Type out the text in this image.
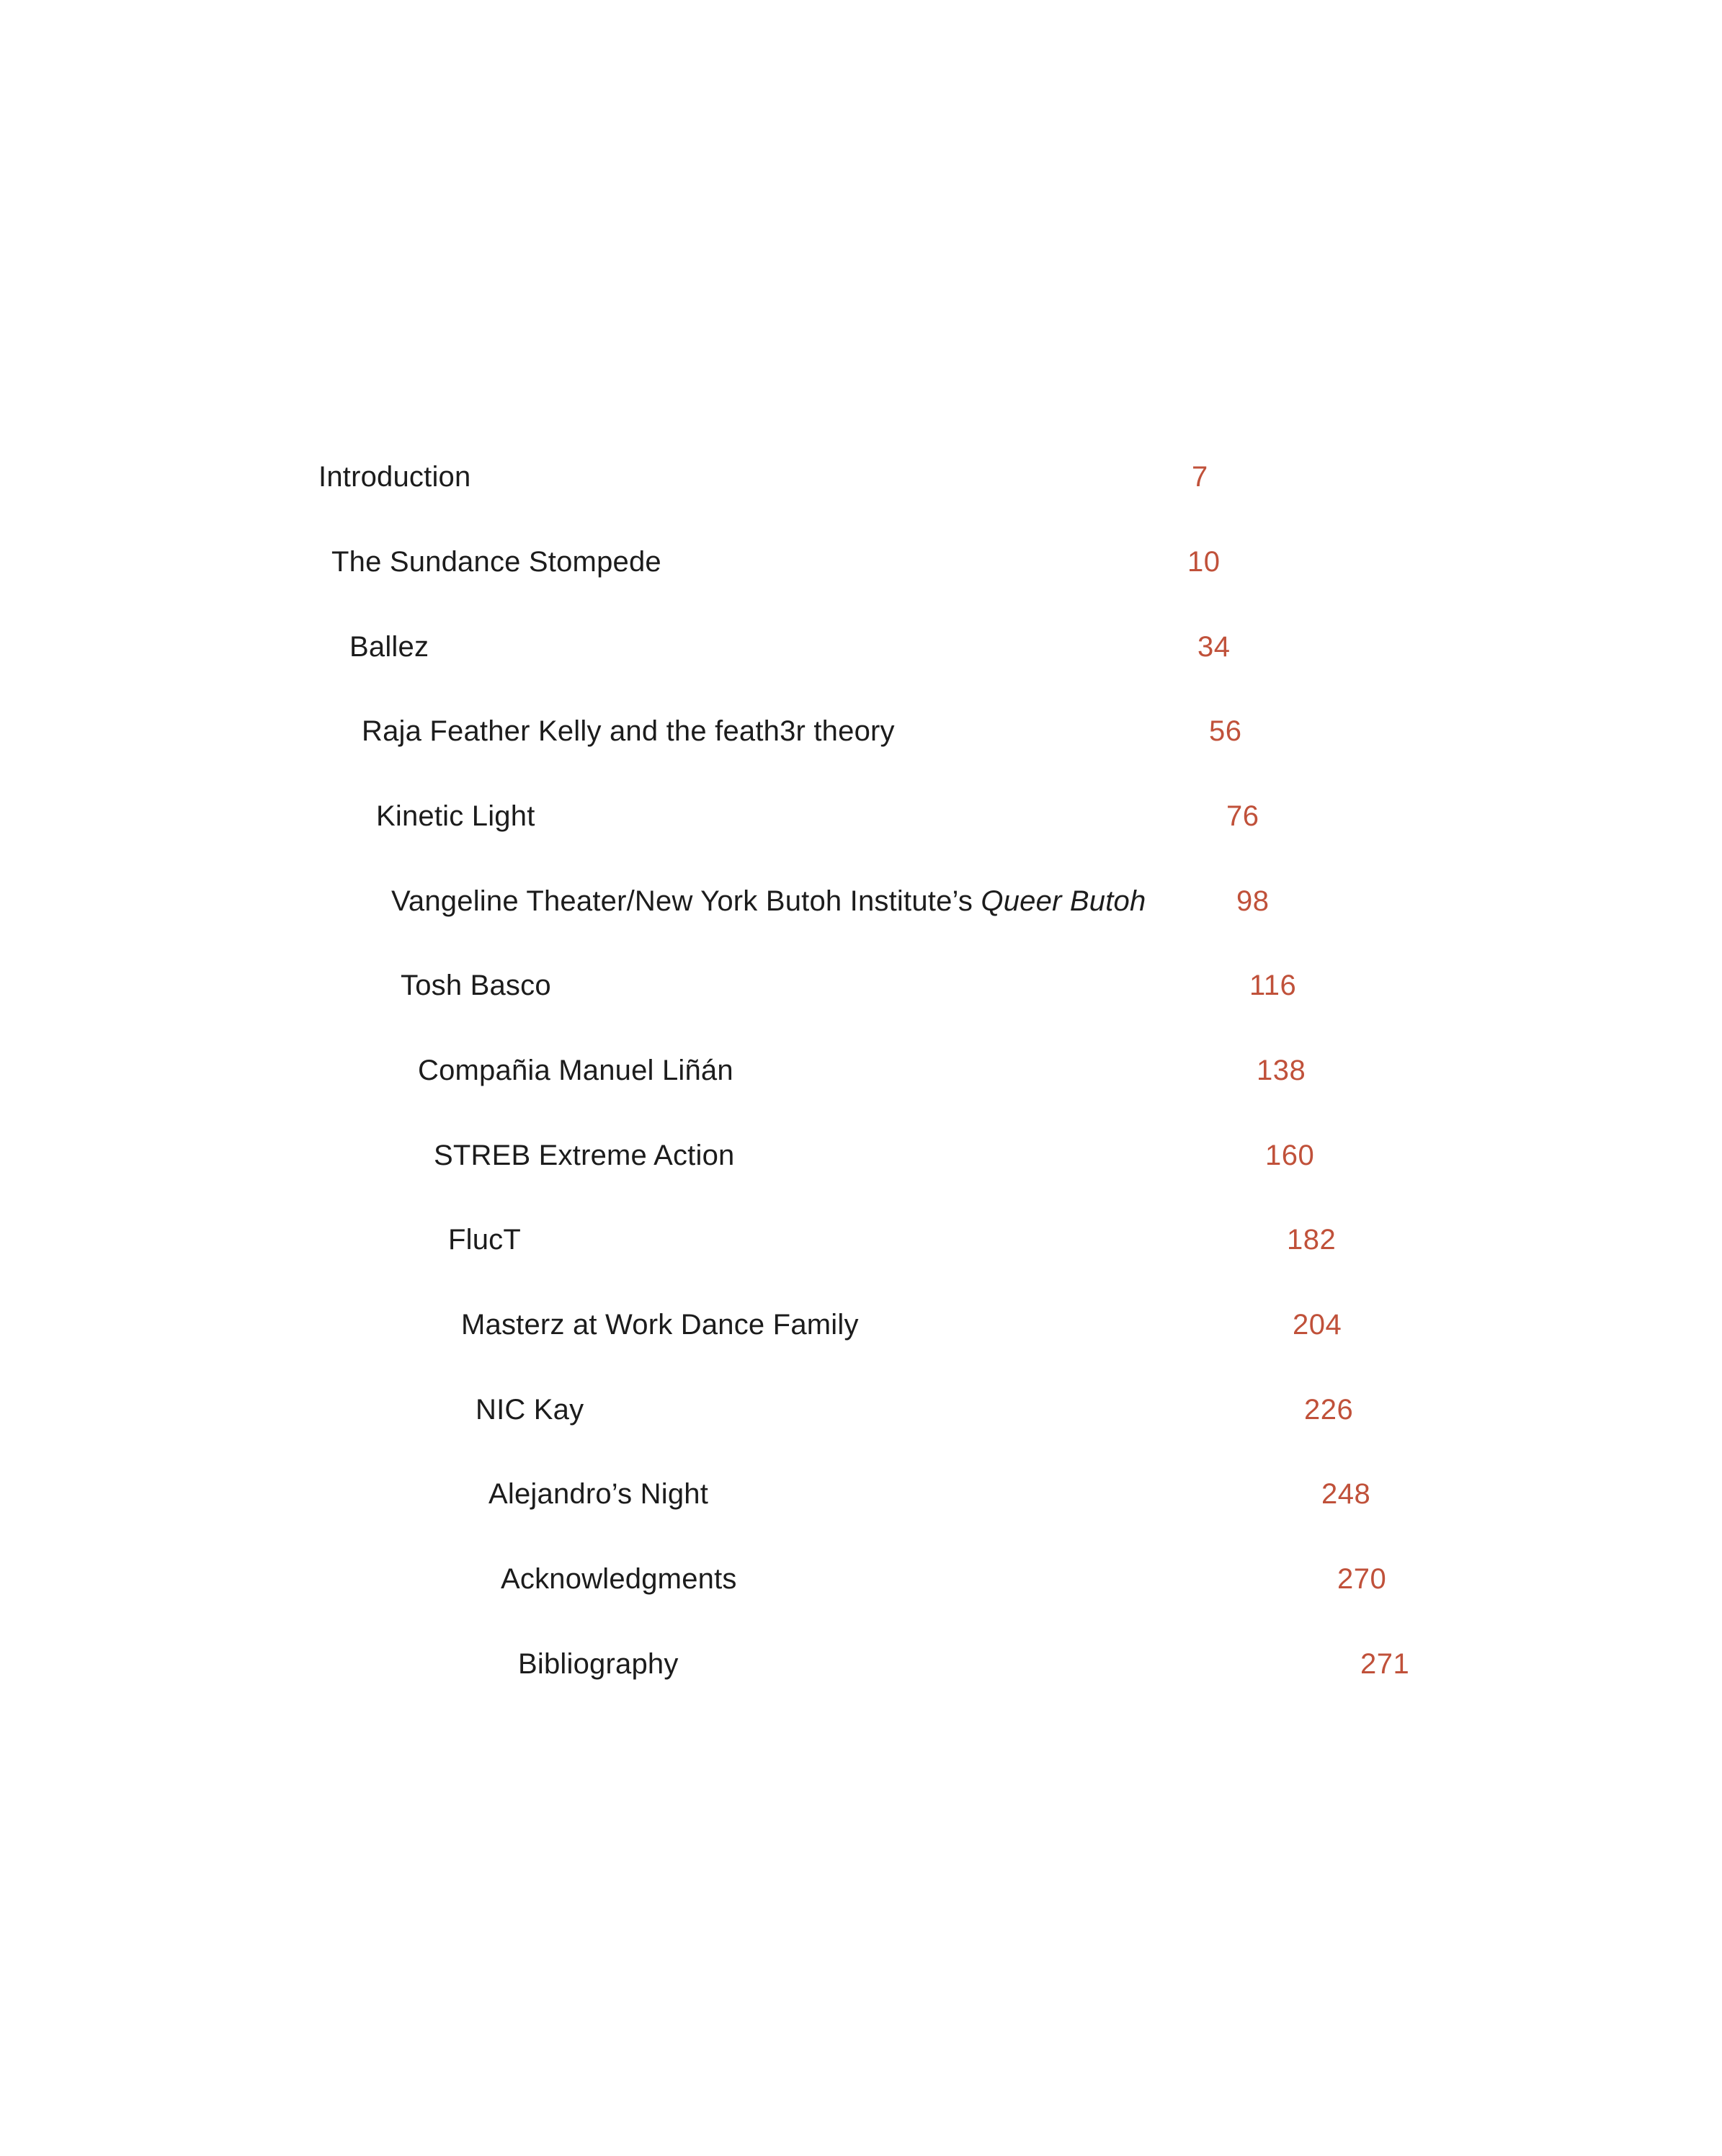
Introduction	7
The Sundance Stompede	10
Ballez	34
Raja Feather Kelly and the feath3r theory	56
Kinetic Light	76
Vangeline Theater/New York Butoh Institute’s Queer Butoh	98
Tosh Basco	116
Compañia Manuel Liñán	138
STREB Extreme Action	160
FlucT	182
Masterz at Work Dance Family	204
NIC Kay	226
Alejandro’s Night	248
Acknowledgments	270
Bibliography	271
